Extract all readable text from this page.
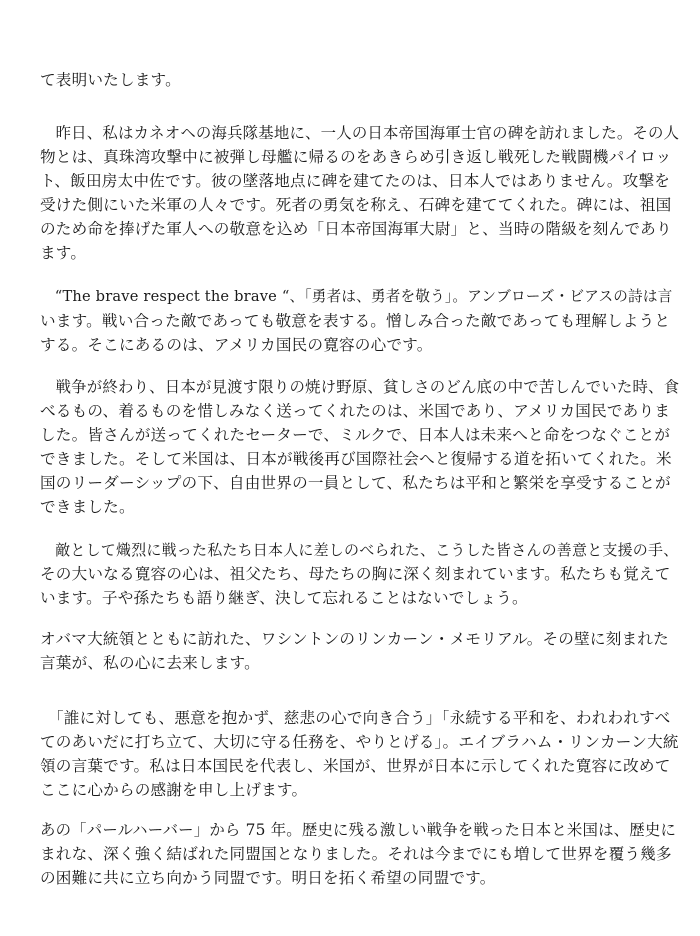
て表明いたします。

　昨日、私はカネオヘの海兵隊基地に、一人の日本帝国海軍士官の碑を訪れました。その人
物とは、真珠湾攻撃中に被弾し母艦に帰るのをあきらめ引き返し戦死した戦闘機パイロッ
ト、飯田房太中佐です。彼の墜落地点に碑を建てたのは、日本人ではありません。攻撃を
受けた側にいた米軍の人々です。死者の勇気を称え、石碑を建ててくれた。碑には、祖国
のため命を捧げた軍人への敬意を込め「日本帝国海軍大尉」と、当時の階級を刻んであり
ます。

　“The brave respect the brave “、「勇者は、勇者を敬う」。アンブローズ・ビアスの詩は言
います。戦い合った敵であっても敬意を表する。憎しみ合った敵であっても理解しようと
する。そこにあるのは、アメリカ国民の寛容の心です。

　戦争が終わり、日本が見渡す限りの焼け野原、貧しさのどん底の中で苦しんでいた時、食
べるもの、着るものを惜しみなく送ってくれたのは、米国であり、アメリカ国民でありま
した。皆さんが送ってくれたセーターで、ミルクで、日本人は未来へと命をつなぐことが
できました。そして米国は、日本が戦後再び国際社会へと復帰する道を拓いてくれた。米
国のリーダーシップの下、自由世界の一員として、私たちは平和と繁栄を享受することが
できました。

　敵として熾烈に戦った私たち日本人に差しのべられた、こうした皆さんの善意と支援の手、
その大いなる寛容の心は、祖父たち、母たちの胸に深く刻まれています。私たちも覚えて
います。子や孫たちも語り継ぎ、決して忘れることはないでしょう。

オバマ大統領とともに訪れた、ワシントンのリンカーン・メモリアル。その壁に刻まれた
言葉が、私の心に去来します。

　「誰に対しても、悪意を抱かず、慈悲の心で向き合う」「永続する平和を、われわれすべ
てのあいだに打ち立て、大切に守る任務を、やりとげる」。エイブラハム・リンカーン大統
領の言葉です。私は日本国民を代表し、米国が、世界が日本に示してくれた寛容に改めて
ここに心からの感謝を申し上げます。

あの「パールハーバー」から 75 年。歴史に残る激しい戦争を戦った日本と米国は、歴史に
まれな、深く強く結ばれた同盟国となりました。それは今までにも増して世界を覆う幾多
の困難に共に立ち向かう同盟です。明日を拓く希望の同盟です。
